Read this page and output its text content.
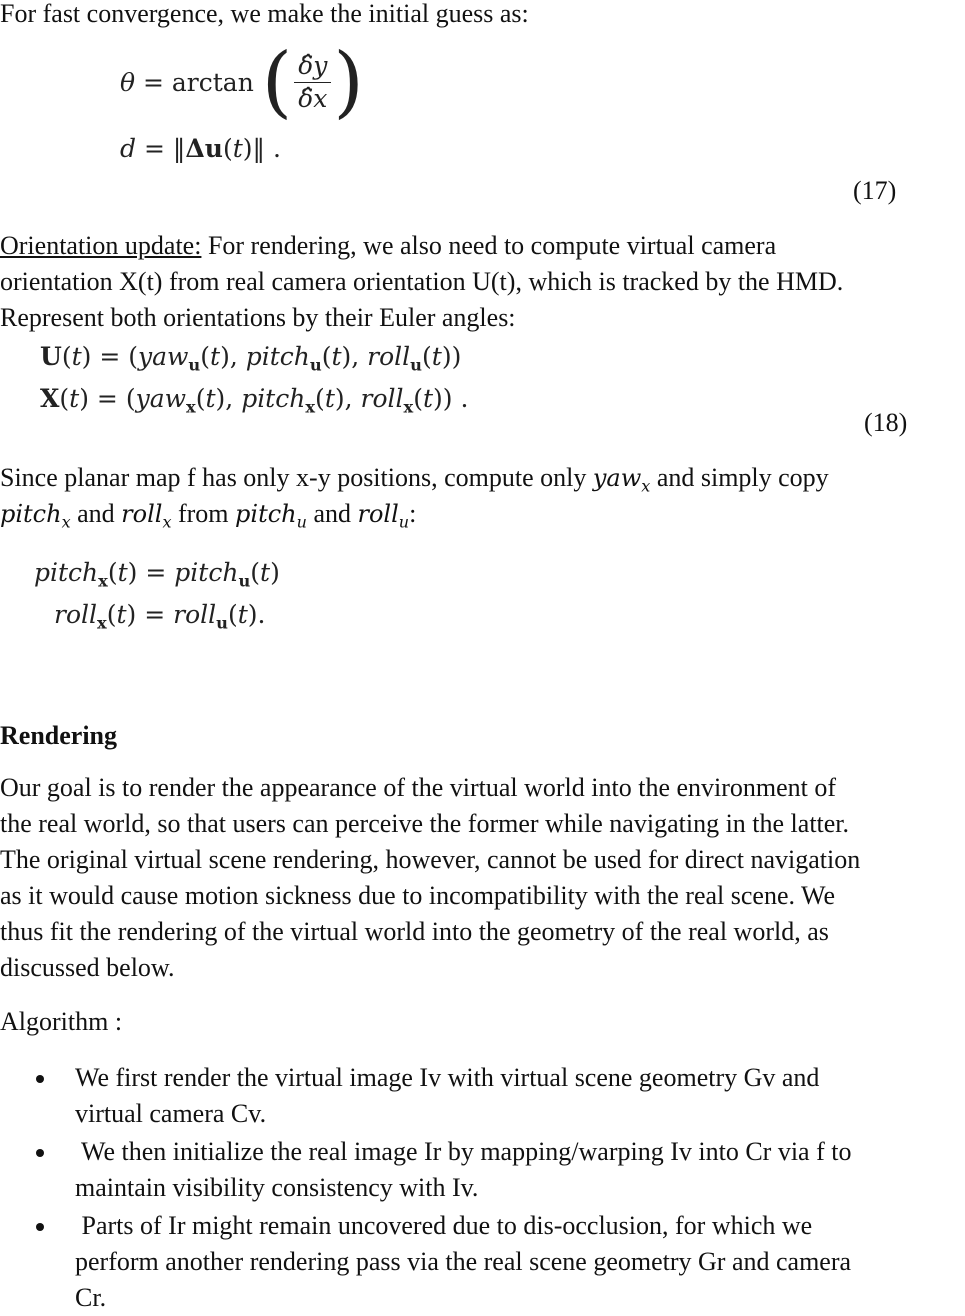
For fast convergence, we make the initial guess as:
θ = arctan ( $\frac{\deltây}{\deltâx}$ )
d = ‖Δu(t)‖ .
(17)
Orientation update: For rendering, we also need to compute virtual camera
orientation X(t) from real camera orientation U(t), which is tracked by the HMD.
Represent both orientations by their Euler angles:
U(t) = (yaw$_u$(t), pitch$_u$(t), roll$_u$(t))
X(t) = (yaw$_x$(t), pitch$_x$(t), roll$_x$(t)) .
(18)
Since planar map f has only x-y positions, compute only yaw$_x$ and simply copy
pitch$_x$ and roll$_x$ from pitch$_u$ and roll$_u$:
pitch$_x$(t) = pitch$_u$(t)
roll$_x$(t) = roll$_u$(t).
Rendering
Our goal is to render the appearance of the virtual world into the environment of
the real world, so that users can perceive the former while navigating in the latter.
The original virtual scene rendering, however, cannot be used for direct navigation
as it would cause motion sickness due to incompatibility with the real scene. We
thus fit the rendering of the virtual world into the geometry of the real world, as
discussed below.
Algorithm :
We first render the virtual image Iv with virtual scene geometry Gv and
virtual camera Cv.
We then initialize the real image Ir by mapping/warping Iv into Cr via f to
maintain visibility consistency with Iv.
Parts of Ir might remain uncovered due to dis-occlusion, for which we
perform another rendering pass via the real scene geometry Gr and camera
Cr.
